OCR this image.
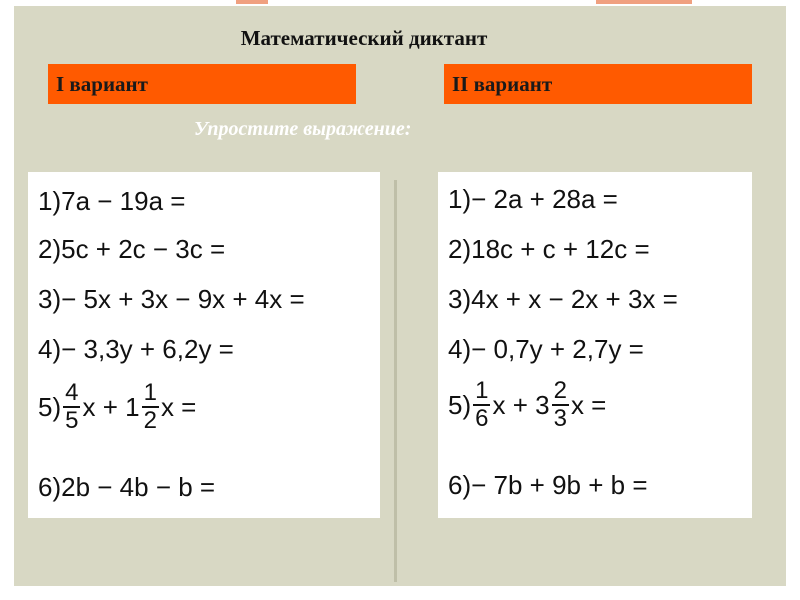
Математический диктант
I вариант	II вариант
Упростите выражение:
1) 7a − 19a =
2) 5c + 2c − 3c =
3) − 5x + 3x − 9x + 4x =
4) − 3,3y + 6,2y =
$5) \frac{4}{5}$ $x + 1 \frac{1}{2}$ x =
6) 2b − 4b − b =
1) − 2a + 28a =
2) 18c + c + 12c =
3) 4x + x − 2x + 3x =
4) − 0,7y + 2,7y =
$5) \frac{1}{6}$ $x + 3 \frac{2}{3}$ x =
6) − 7b + 9b + b =
